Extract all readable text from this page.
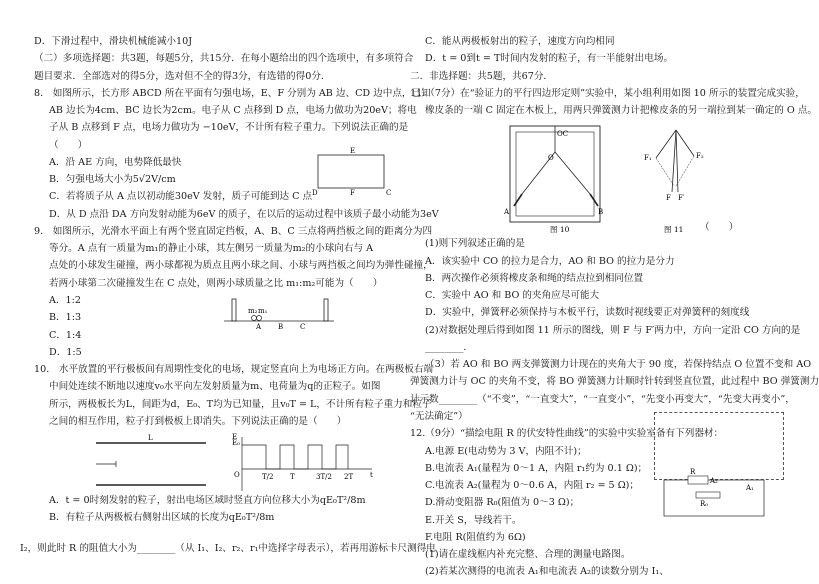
D．下滑过程中，滑块机械能减小10J
（二）多项选择题：共3题，每题5分，共15分．在每小题给出的四个选项中，有多项符合
题目要求．全部选对的得5分，选对但不全的得3分，有选错的得0分．
8.　如图所示，长方形 ABCD 所在平面有匀强电场，E、F 分别为 AB 边、CD 边中点，已知
AB 边长为4cm、BC 边长为2cm。电子从 C 点移到 D 点，电场力做功为20eV；将电
子从 B 点移到 F 点，电场力做功为 −10eV，不计所有粒子重力。下列说法正确的是
（　　）
E
F
D	C
A．沿 AE 方向，电势降低最快
B．匀强电场大小为5√2V/cm
C．若将质子从 A 点以初动能30eV 发射，质子可能到达 C 点
D．从 D 点沿 DA 方向发射动能为6eV 的质子，在以后的运动过程中该质子最小动能为3eV
9.　如图所示，光滑水平面上有两个竖直固定挡板，A、B、C 三点将两挡板之间的距离分为四
等分。A 点有一质量为m₁的静止小球，其左侧另一质量为m₂的小球向右与 A
点处的小球发生碰撞，两小球都视为质点且两小球之间、小球与两挡板之间均为弹性碰撞，
若两小球第二次碰撞发生在 C 点处，则两小球质量之比 m₁:m₂可能为（　　）
m₂ m₁
A B C
A．1:2
B．1:3
C．1:4
D．1:5
10.　水平放置的平行极板间有周期性变化的电场，规定竖直向上为电场正方向。在两极板右端
中间处连续不断地以速度v₀水平向左发射质量为m、电荷量为q的正粒子。如图
所示，两极板长为L，间距为d，E₀、T均为已知量，且v₀T = L，不计所有粒子重力和粒子
之间的相互作用，粒子打到极板上即消失。下列说法正确的是（　　）
L
E₀
E
O	t
T/2 T	3T/2 2T
A．t = 0时刻发射的粒子，射出电场区域时竖直方向位移大小为qE₀T²/8m
B．有粒子从两极板右侧射出区域的长度为qE₀T²/8m
C．能从两极板射出的粒子，速度方向均相同
D．t = 0到t = T时间内发射的粒子，有一半能射出电场。
二．非选择题：共5题，共67分．
11.（7分）在“验证力的平行四边形定则”实验中，某小组利用如图 10 所示的装置完成实验，
橡皮条的一端 C 固定在木板上，用两只弹簧测力计把橡皮条的另一端拉到某一确定的 O 点。
OC
O
A	B
图 10
F₁	F₂
F F′
图 11 （　　）
(1)则下列叙述正确的是
A．该实验中 CO 的拉力是合力，AO 和 BO 的拉力是分力
B．两次操作必须将橡皮条和绳的结点拉到相同位置
C．实验中 AO 和 BO 的夹角应尽可能大
D．实验中，弹簧秤必须保持与木板平行，读数时视线要正对弹簧秤的刻度线
(2)对数据处理后得到如图 11 所示的图线，则 F 与 F′两力中，方向一定沿 CO 方向的是
________．
（3）若 AO 和 BO 两支弹簧测力计现在的夹角大于 90 度，若保持结点 O 位置不变和 AO
弹簧测力计与 OC 的夹角不变，将 BO 弹簧测力计顺时针转到竖直位置，此过程中 BO 弹簧测力
计示数________（“不变”，“一直变大”，“一直变小”，“先变小再变大”，“先变大再变小”，
“无法确定”）
12.（9分）“描绘电阻 R 的伏安特性曲线”的实验中实验室备有下列器材：
A.电源 E(电动势为 3 V，内阻不计)；
B.电流表 A₁(量程为 0～1 A，内阻 r₁约为 0.1 Ω)；
C.电流表 A₂(量程为 0～0.6 A，内阻 r₂ = 5 Ω)；
D.滑动变阻器 R₀(阻值为 0～3 Ω)；
E.开关 S，导线若干。
F.电阻 R(阻值约为 6Ω)
(1)请在虚线框内补充完整、合理的测量电路图。
(2)若某次测得的电流表 A₁和电流表 A₂的读数分别为 I₁、
R
A₂
R₀
A₁
I₂，则此时 R 的阻值大小为________（从 I₁、I₂、r₂、r₁中选择字母表示），若再用游标卡尺测得电
